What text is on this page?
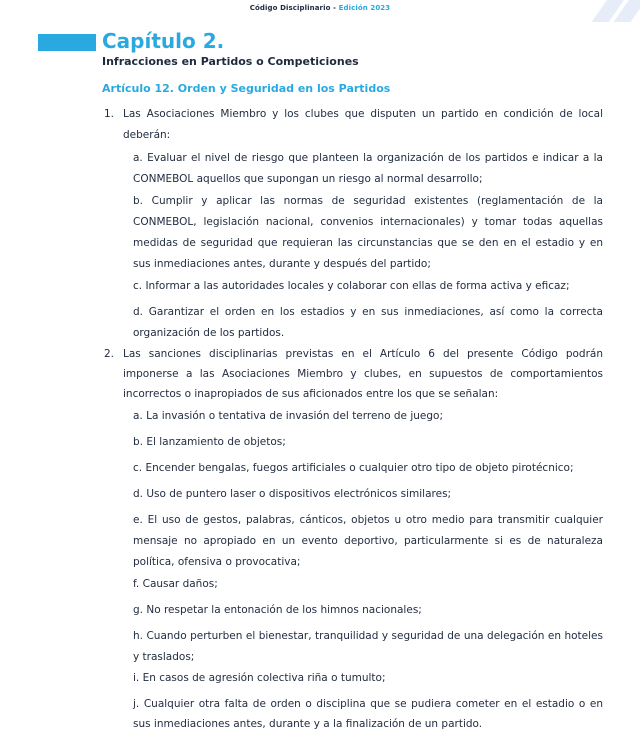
Código Disciplinario - Edición 2023
Capítulo 2.
Infracciones en Partidos o Competiciones
Artículo 12. Orden y Seguridad en los Partidos

1. Las Asociaciones Miembro y los clubes que disputen un partido en condición de local deberán:

a. Evaluar el nivel de riesgo que planteen la organización de los partidos e indicar a la CONMEBOL aquellos que supongan un riesgo al normal desarrollo;

b. Cumplir y aplicar las normas de seguridad existentes (reglamentación de la CONMEBOL, legislación nacional, convenios internacionales) y tomar todas aquellas medidas de seguridad que requieran las circunstancias que se den en el estadio y en sus inmediaciones antes, durante y después del partido;

c. Informar a las autoridades locales y colaborar con ellas de forma activa y eficaz;

d. Garantizar el orden en los estadios y en sus inmediaciones, así como la correcta organización de los partidos.

2. Las sanciones disciplinarias previstas en el Artículo 6 del presente Código podrán imponerse a las Asociaciones Miembro y clubes, en supuestos de comportamientos incorrectos o inapropiados de sus aficionados entre los que se señalan:

a. La invasión o tentativa de invasión del terreno de juego;

b. El lanzamiento de objetos;

c. Encender bengalas, fuegos artificiales o cualquier otro tipo de objeto pirotécnico;

d. Uso de puntero laser o dispositivos electrónicos similares;

e. El uso de gestos, palabras, cánticos, objetos u otro medio para transmitir cualquier mensaje no apropiado en un evento deportivo, particularmente si es de naturaleza política, ofensiva o provocativa;

f. Causar daños;

g. No respetar la entonación de los himnos nacionales;

h. Cuando perturben el bienestar, tranquilidad y seguridad de una delegación en hoteles y traslados;

i. En casos de agresión colectiva riña o tumulto;

j. Cualquier otra falta de orden o disciplina que se pudiera cometer en el estadio o en sus inmediaciones antes, durante y a la finalización de un partido.
